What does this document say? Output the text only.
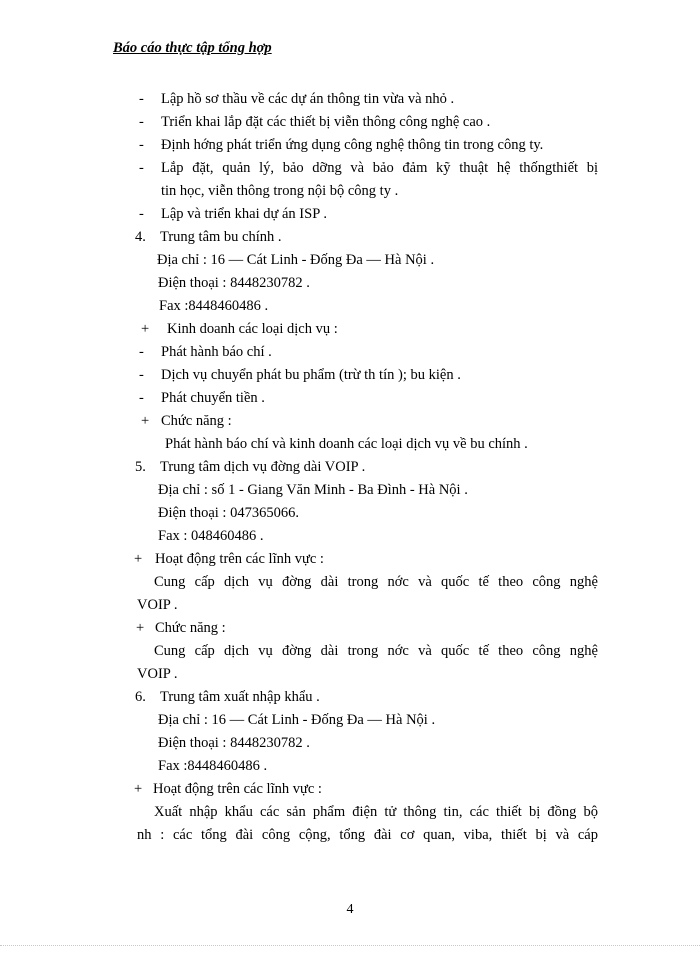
Báo cáo thực tập tổng hợp
-
-
-
-
-
4.
+
-
-
-
+
5.
+
+
6.
+
Lập hồ sơ thầu về các dự án thông tin vừa và nhỏ .
Triển khai lắp đặt các thiết bị viễn thông công nghệ cao .
Định hớng phát triển ứng dụng công nghệ thông tin trong công ty.
Lắp đặt, quản lý, bảo dỡng và bảo đảm kỹ thuật hệ thốngthiết bị
tin học, viễn thông trong nội bộ công ty .
Lập và triển khai dự án ISP .
Trung tâm bu chính .
Địa chỉ : 16 — Cát Linh - Đống Đa — Hà Nội .
Điện thoại : 8448230782 .
Fax :8448460486 .
Kinh doanh các loại dịch vụ :
Phát hành báo chí .
Dịch vụ chuyển phát bu phẩm (trừ th tín ); bu kiện .
Phát chuyển tiền .
Chức năng :
Phát hành báo chí và kinh doanh các loại dịch vụ về bu chính .
Trung tâm dịch vụ đờng dài VOIP .
Địa chỉ : số 1 - Giang Văn Minh - Ba Đình - Hà Nội .
Điện thoại : 047365066.
Fax : 048460486 .
Hoạt động trên các lĩnh vực :
Cung cấp dịch vụ đờng dài trong nớc và quốc tế theo công nghệ
VOIP .
Chức năng :
Cung cấp dịch vụ đờng dài trong nớc và quốc tế theo công nghệ
VOIP .
Trung tâm xuất nhập khẩu .
Địa chỉ : 16 — Cát Linh - Đống Đa — Hà Nội .
Điện thoại : 8448230782 .
Fax :8448460486 .
Hoạt động trên các lĩnh vực :
Xuất nhập khẩu các sản phẩm điện tử thông tin, các thiết bị đồng bộ
nh : các tổng đài công cộng, tổng đài cơ quan, viba, thiết bị và cáp
4
